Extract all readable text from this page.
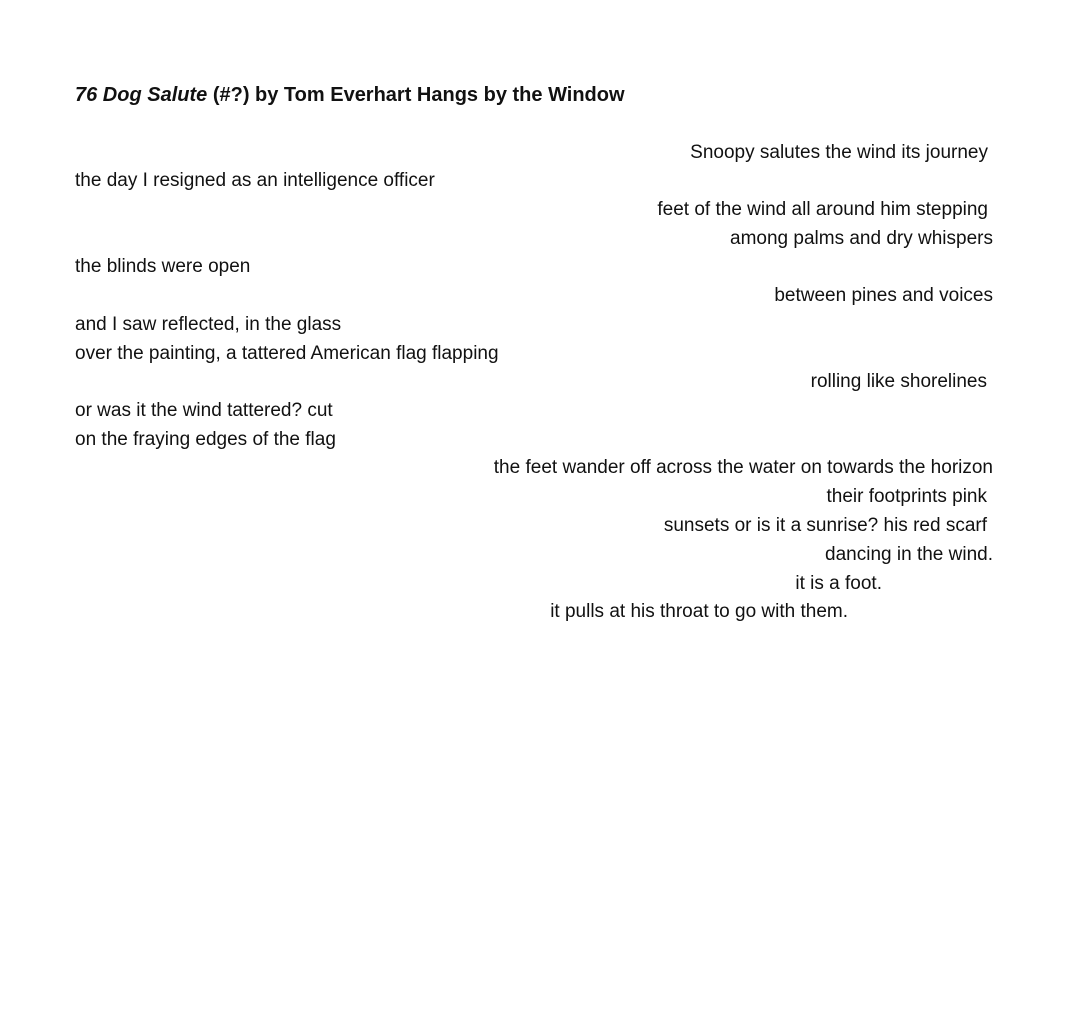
76 Dog Salute (#?) by Tom Everhart Hangs by the Window
the day I resigned as an intelligence officer
the blinds were open
and I saw reflected, in the glass
over the painting, a tattered American flag flapping
or was it the wind tattered? cut
on the fraying edges of the flag
Snoopy salutes the wind its journey
feet of the wind all around him stepping
among palms and dry whispers
between pines and voices
rolling like shorelines
the feet wander off across the water on towards the horizon
their footprints pink
sunsets or is it a sunrise? his red scarf
dancing in the wind.
it is a foot.
it pulls at his throat to go with them.
